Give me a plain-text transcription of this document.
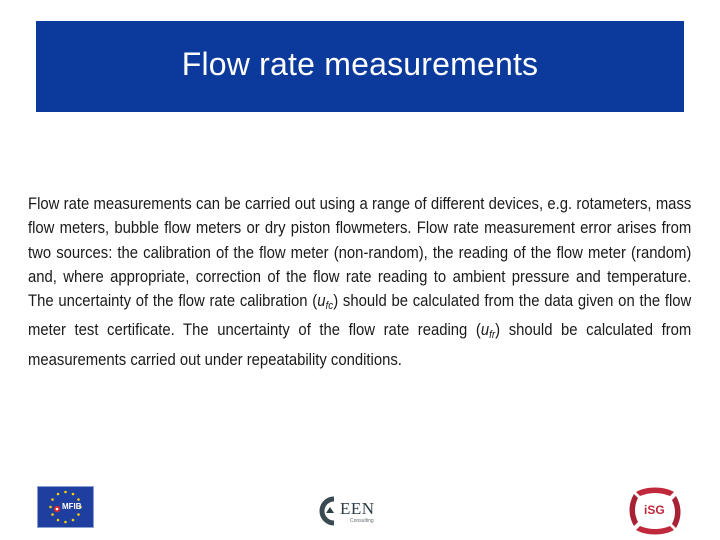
Flow rate measurements
Flow rate measurements can be carried out using a range of different devices, e.g. rotameters, mass flow meters, bubble flow meters or dry piston flowmeters. Flow rate measurement error arises from two sources: the calibration of the flow meter (non-random), the reading of the flow meter (random) and, where appropriate, correction of the flow rate reading to ambient pressure and temperature. The uncertainty of the flow rate calibration $(u_{fc})$ should be calculated from the data given on the flow meter test certificate. The uncertainty of the flow rate reading $(u_{fr})$ should be calculated from measurements carried out under repeatability conditions.
MFIB	EEN
Consulting
iSG
